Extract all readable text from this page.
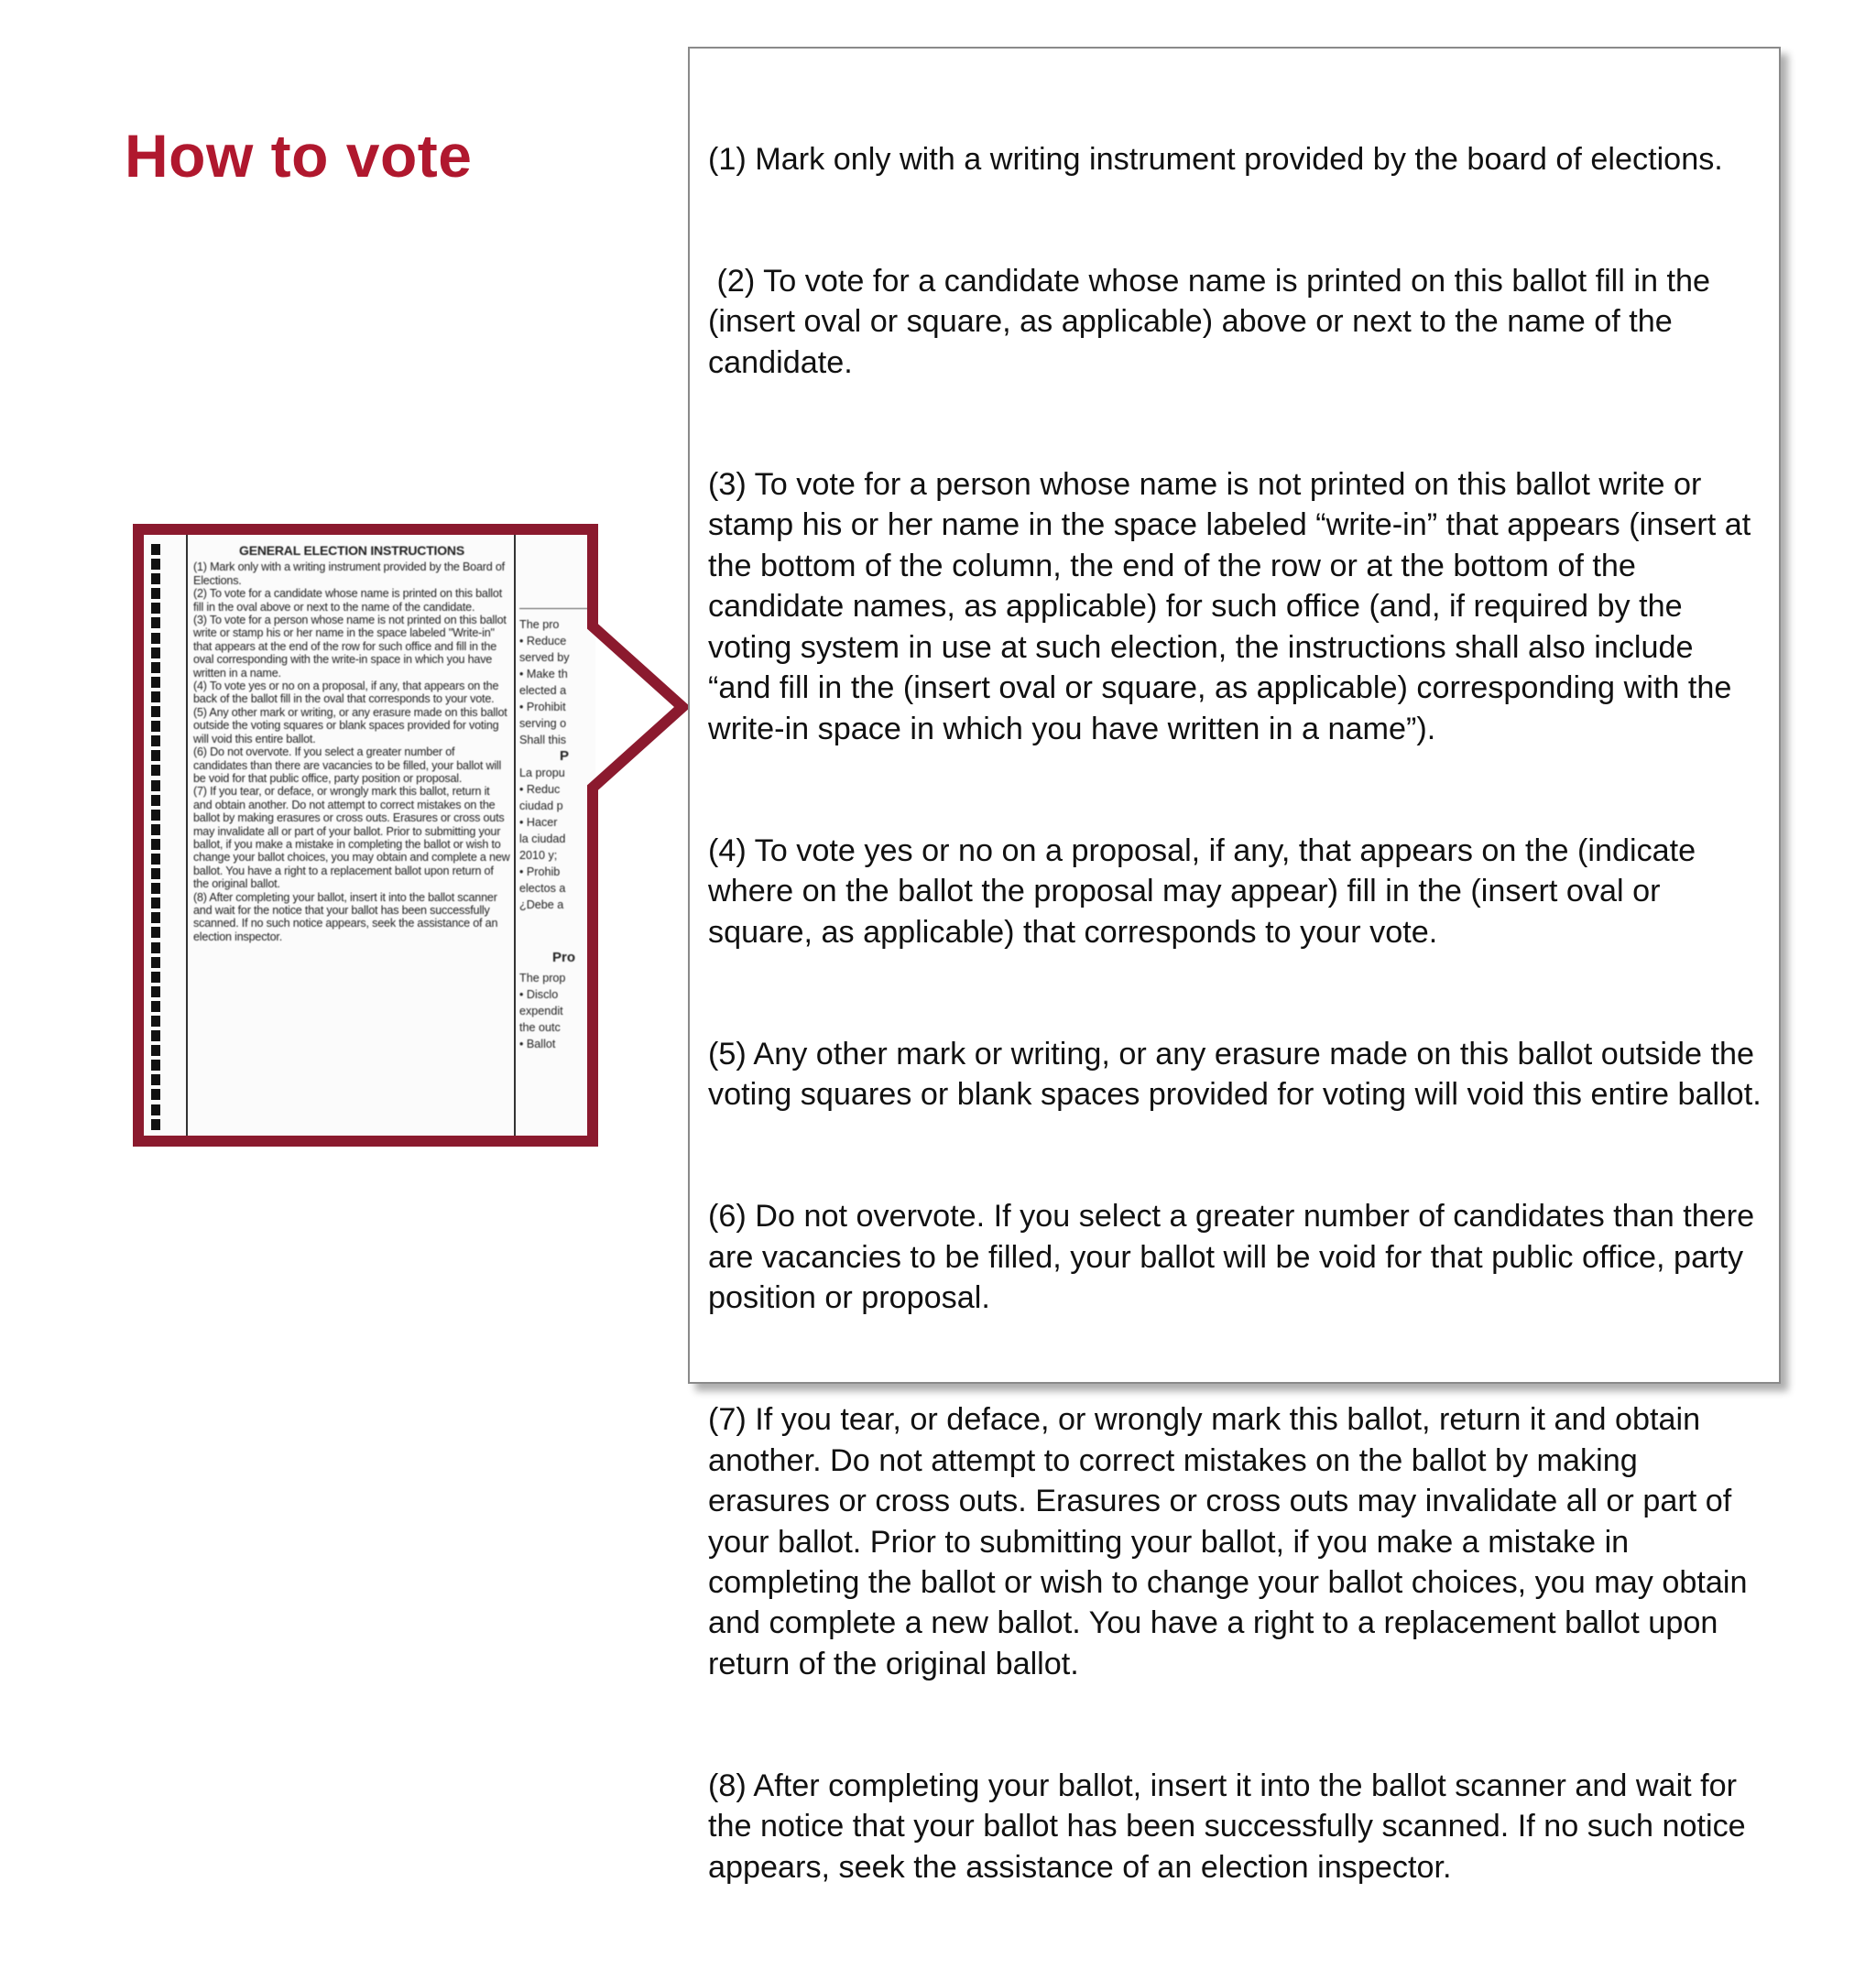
How to vote
GENERAL ELECTION INSTRUCTIONS

(1) Mark only with a writing instrument provided by the Board of Elections.

(2) To vote for a candidate whose name is printed on this ballot fill in the oval above or next to the name of the candidate.

(3) To vote for a person whose name is not printed on this ballot write or stamp his or her name in the space labeled "Write-in" that appears at the end of the row for such office and fill in the oval corresponding with the write-in space in which you have written in a name.

(4) To vote yes or no on a proposal, if any, that appears on the back of the ballot fill in the oval that corresponds to your vote.

(5) Any other mark or writing, or any erasure made on this ballot outside the voting squares or blank spaces provided for voting will void this entire ballot.

(6) Do not overvote. If you select a greater number of candidates than there are vacancies to be filled, your ballot will be void for that public office, party position or proposal.

(7) If you tear, or deface, or wrongly mark this ballot, return it and obtain another. Do not attempt to correct mistakes on the ballot by making erasures or cross outs. Erasures or cross outs may invalidate all or part of your ballot. Prior to submitting your ballot, if you make a mistake in completing the ballot or wish to change your ballot choices, you may obtain and complete a new ballot. You have a right to a replacement ballot upon return of the original ballot.

(8) After completing your ballot, insert it into the ballot scanner and wait for the notice that your ballot has been successfully scanned. If no such notice appears, seek the assistance of an election inspector.

The pro
• Reduce
served by
• Make th
elected a
• Prohibit
serving o
Shall this
P
La propu
• Reduc
ciudad p
• Hacer
la ciudad
2010 y;
• Prohib
electos a
¿Debe a
Pro
The prop
• Disclo
expendit
the outc
• Ballot

(1) Mark only with a writing instrument provided by the board of elections.

(2) To vote for a candidate whose name is printed on this ballot fill in the (insert oval or square, as applicable) above or next to the name of the candidate.

(3) To vote for a person whose name is not printed on this ballot write or stamp his or her name in the space labeled “write-in” that appears (insert at the bottom of the column, the end of the row or at the bottom of the candidate names, as applicable) for such office (and, if required by the voting system in use at such election, the instructions shall also include “and fill in the (insert oval or square, as applicable) corresponding with the write-in space in which you have written in a name”).

(4) To vote yes or no on a proposal, if any, that appears on the (indicate where on the ballot the proposal may appear) fill in the (insert oval or square, as applicable) that corresponds to your vote.

(5) Any other mark or writing, or any erasure made on this ballot outside the voting squares or blank spaces provided for voting will void this entire ballot.

(6) Do not overvote. If you select a greater number of candidates than there are vacancies to be filled, your ballot will be void for that public office, party position or proposal.

(7) If you tear, or deface, or wrongly mark this ballot, return it and obtain another. Do not attempt to correct mistakes on the ballot by making erasures or cross outs. Erasures or cross outs may invalidate all or part of your ballot. Prior to submitting your ballot, if you make a mistake in completing the ballot or wish to change your ballot choices, you may obtain and complete a new ballot. You have a right to a replacement ballot upon return of the original ballot.

(8) After completing your ballot, insert it into the ballot scanner and wait for the notice that your ballot has been successfully scanned. If no such notice appears, seek the assistance of an election inspector.
